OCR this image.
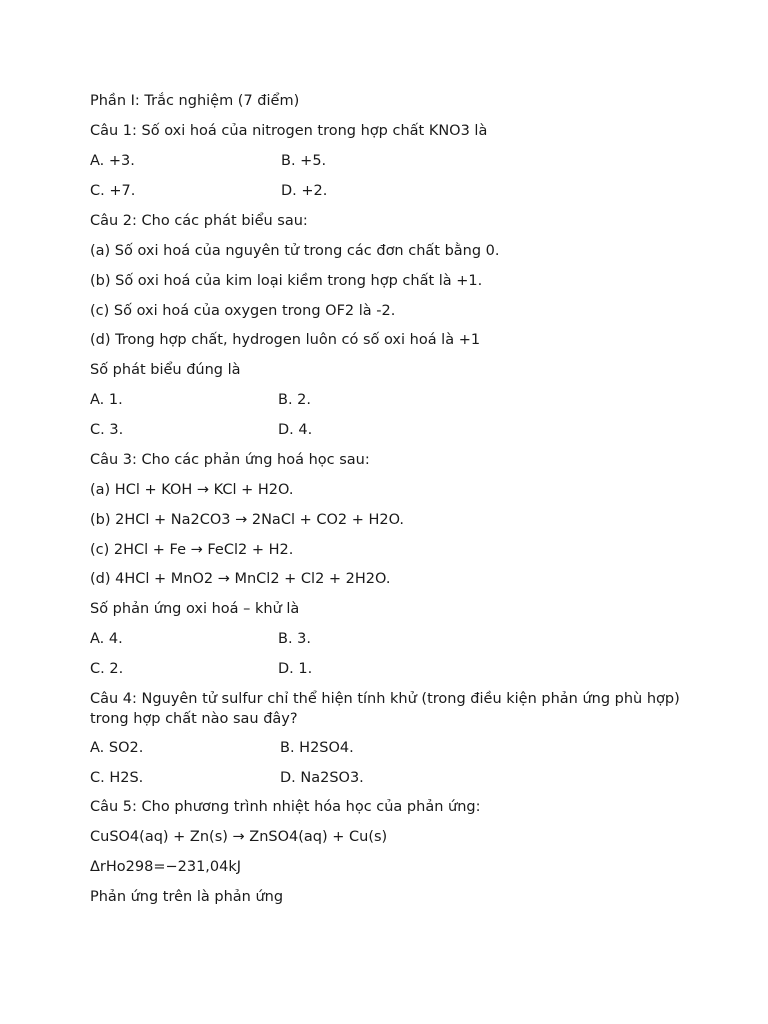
Phần I: Trắc nghiệm (7 điểm)
Câu 1: Số oxi hoá của nitrogen trong hợp chất KNO3 là
A. +3.	B. +5.
C. +7.	D. +2.
Câu 2: Cho các phát biểu sau:
(a) Số oxi hoá của nguyên tử trong các đơn chất bằng 0.
(b) Số oxi hoá của kim loại kiềm trong hợp chất là +1.
(c) Số oxi hoá của oxygen trong OF2 là -2.
(d) Trong hợp chất, hydrogen luôn có số oxi hoá là +1
Số phát biểu đúng là
A. 1.	B. 2.
C. 3.	D. 4.
Câu 3: Cho các phản ứng hoá học sau:
(a) HCl + KOH → KCl + H2O.
(b) 2HCl + Na2CO3 → 2NaCl + CO2 + H2O.
(c) 2HCl + Fe → FeCl2 + H2.
(d) 4HCl + MnO2 → MnCl2 + Cl2 + 2H2O.
Số phản ứng oxi hoá – khử là
A. 4.	B. 3.
C. 2.	D. 1.
Câu 4: Nguyên tử sulfur chỉ thể hiện tính khử (trong điều kiện phản ứng phù hợp) trong hợp chất nào sau đây?
A. SO2.	B. H2SO4.
C. H2S.	D. Na2SO3.
Câu 5: Cho phương trình nhiệt hóa học của phản ứng:
CuSO4(aq) + Zn(s) → ZnSO4(aq) + Cu(s)
ΔrHo298=−231,04kJ
Phản ứng trên là phản ứng
